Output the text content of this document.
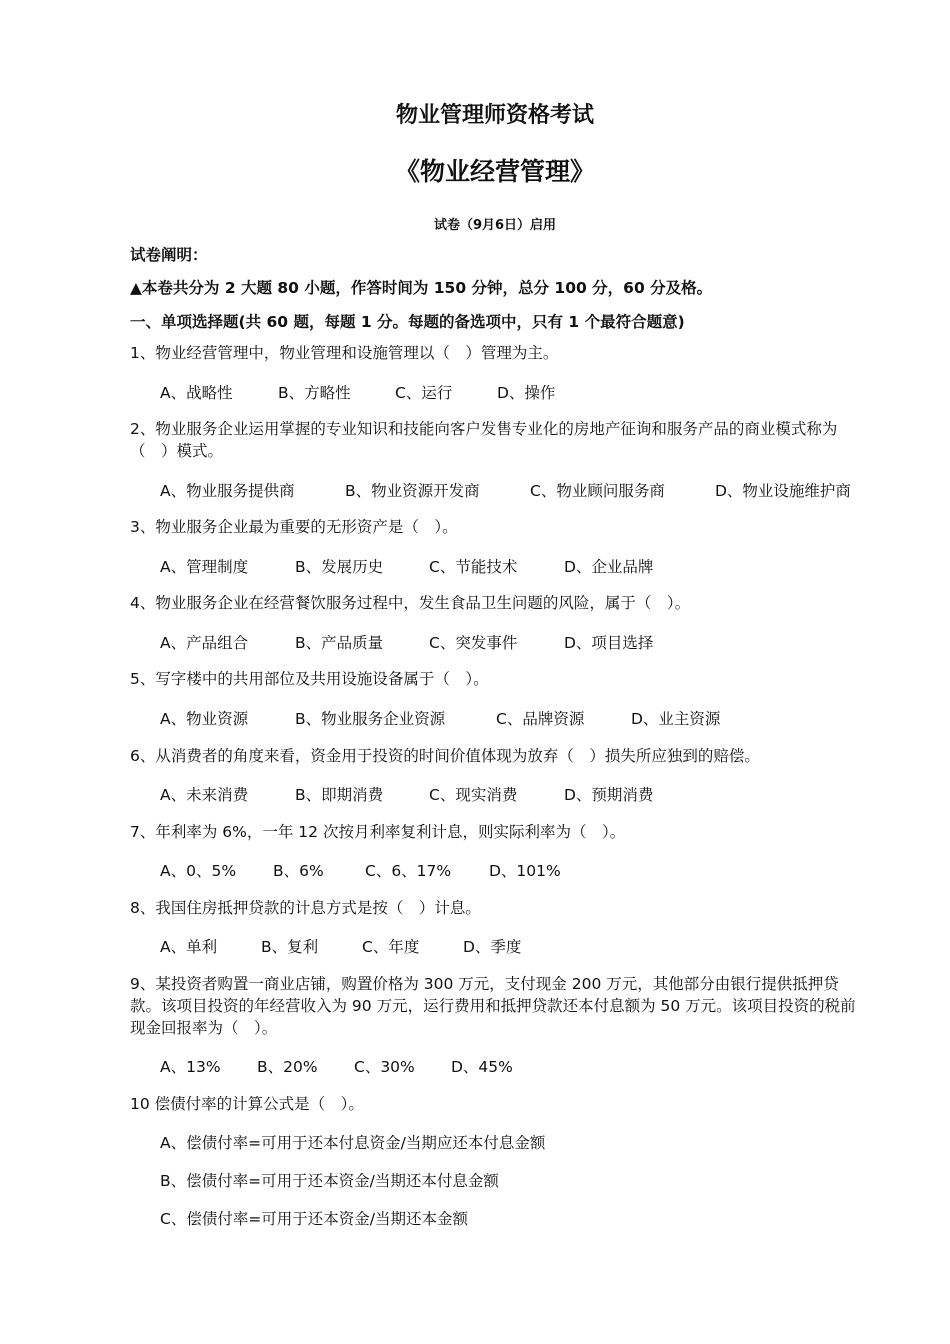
物业管理师资格考试
《物业经营管理》
试卷（9月6日）启用
试卷阐明：
▲本卷共分为 2 大题 80 小题，作答时间为 150 分钟，总分 100 分，60 分及格。
一、单项选择题(共 60 题，每题 1 分。每题的备选项中，只有 1 个最符合题意)
1、物业经营管理中，物业管理和设施管理以（　）管理为主。
A、战略性	B、方略性	C、运行	D、操作
2、物业服务企业运用掌握的专业知识和技能向客户发售专业化的房地产征询和服务产品的商业模式称为（　）模式。
A、物业服务提供商	B、物业资源开发商	C、物业顾问服务商	D、物业设施维护商
3、物业服务企业最为重要的无形资产是（　）。
A、管理制度	B、发展历史	C、节能技术	D、企业品牌
4、物业服务企业在经营餐饮服务过程中，发生食品卫生问题的风险，属于（　）。
A、产品组合	B、产品质量	C、突发事件	D、项目选择
5、写字楼中的共用部位及共用设施设备属于（　）。
A、物业资源	B、物业服务企业资源	C、品牌资源	D、业主资源
6、从消费者的角度来看，资金用于投资的时间价值体现为放弃（　）损失所应独到的赔偿。
A、未来消费	B、即期消费	C、现实消费	D、预期消费
7、年利率为 6%，一年 12 次按月利率复利计息，则实际利率为（　）。
A、0、5% B、6%	C、6、17% D、101%
8、我国住房抵押贷款的计息方式是按（　）计息。
A、单利	B、复利	C、年度	D、季度
9、某投资者购置一商业店铺，购置价格为 300 万元，支付现金 200 万元，其他部分由银行提供抵押贷款。该项目投资的年经营收入为 90 万元，运行费用和抵押贷款还本付息额为 50 万元。该项目投资的税前现金回报率为（　）。
A、13% B、20% C、30% D、45%
10 偿债付率的计算公式是（　）。
A、偿债付率=可用于还本付息资金/当期应还本付息金额
B、偿债付率=可用于还本资金/当期还本付息金额
C、偿债付率=可用于还本资金/当期还本金额
